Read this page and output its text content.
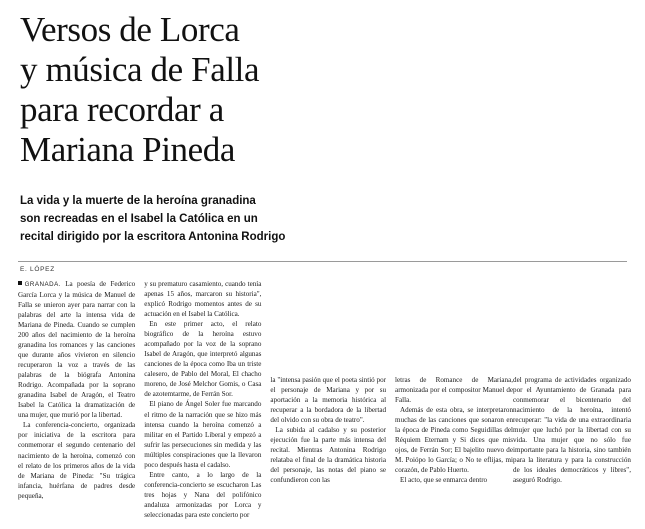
Versos de Lorca
y música de Falla
para recordar a
Mariana Pineda
La vida y la muerte de la heroína granadina
son recreadas en el Isabel la Católica en un
recital dirigido por la escritora Antonina Rodrigo
E. LÓPEZ

GRANADA. La poesía de Federico García Lorca y la música de Manuel de Falla se unieron ayer para narrar con la palabras del arte la intensa vida de Mariana de Pineda. Cuando se cumplen 200 años del nacimiento de la heroína granadina los romances y las canciones que durante años vivieron en silencio recuperaron la voz a través de las palabras de la biógrafa Antonina Rodrigo. Acompañada por la soprano granadina Isabel de Aragón, el Teatro Isabel la Católica la dramatización de una mujer, que murió por la libertad.

La conferencia-concierto, organizada por iniciativa de la escritora para conmemorar el segundo centenario del nacimiento de la heroína, comenzó con el relato de los primeros años de la vida de Mariana de Pineda: "Su trágica infancia, huérfana de padres desde pequeña,

y su prematuro casamiento, cuando tenía apenas 15 años, marcaron su historia", explicó Rodrigo momentos antes de su actuación en el Isabel la Católica.

En este primer acto, el relato biográfico de la heroína estuvo acompañado por la voz de la soprano Isabel de Aragón, que interpretó algunas canciones de la época como Iba un triste calesero, de Pablo del Moral, El chacho moreno, de José Melchor Gomis, o Casa de azotemtarme, de Ferrán Sor.

El piano de Ángel Soler fue marcando el ritmo de la narración que se hizo más intensa cuando la heroína comenzó a militar en el Partido Liberal y empezó a sufrir las persecuciones sin medida y las múltiples conspiraciones que la llevaron poco después hasta el cadalso.

Entre canto, a lo largo de la conferencia-concierto se escucharon Las tres hojas y Nana del polifónico andaluza armonizadas por Lorca y seleccionadas para este concierto por

la "intensa pasión que el poeta sintió por el personaje de Mariana y por su aportación a la memoria histórica al recuperar a la bordadora de la libertad del olvido con su obra de teatro".

La subida al cadalso y su posterior ejecución fue la parte más intensa del recital. Mientras Antonina Rodrigo relataba el final de la dramática historia del personaje, las notas del piano se confundieron con las

letras de Romance de Mariana, armonizada por el compositor Manuel de Falla.

Además de esta obra, se interpretaron muchas de las canciones que sonaron en la época de Pineda como Seguidillas del Réquiem Eternam y Si dices que mis ojos, de Ferrán Sor; El bajelito nuevo de M. Poiópo lo García; o No te eflijas, mi corazón, de Pablo Huerto.

El acto, que se enmarca dentro

del programa de actividades organizado por el Ayuntamiento de Granada para conmemorar el bicentenario del nacimiento de la heroína, intentó recuperar: "la vida de una extraordinaria mujer que luchó por la libertad con su vida. Una mujer que no sólo fue importante para la historia, sino también para la literatura y para la construcción de los ideales democráticos y libres", aseguró Rodrigo.
